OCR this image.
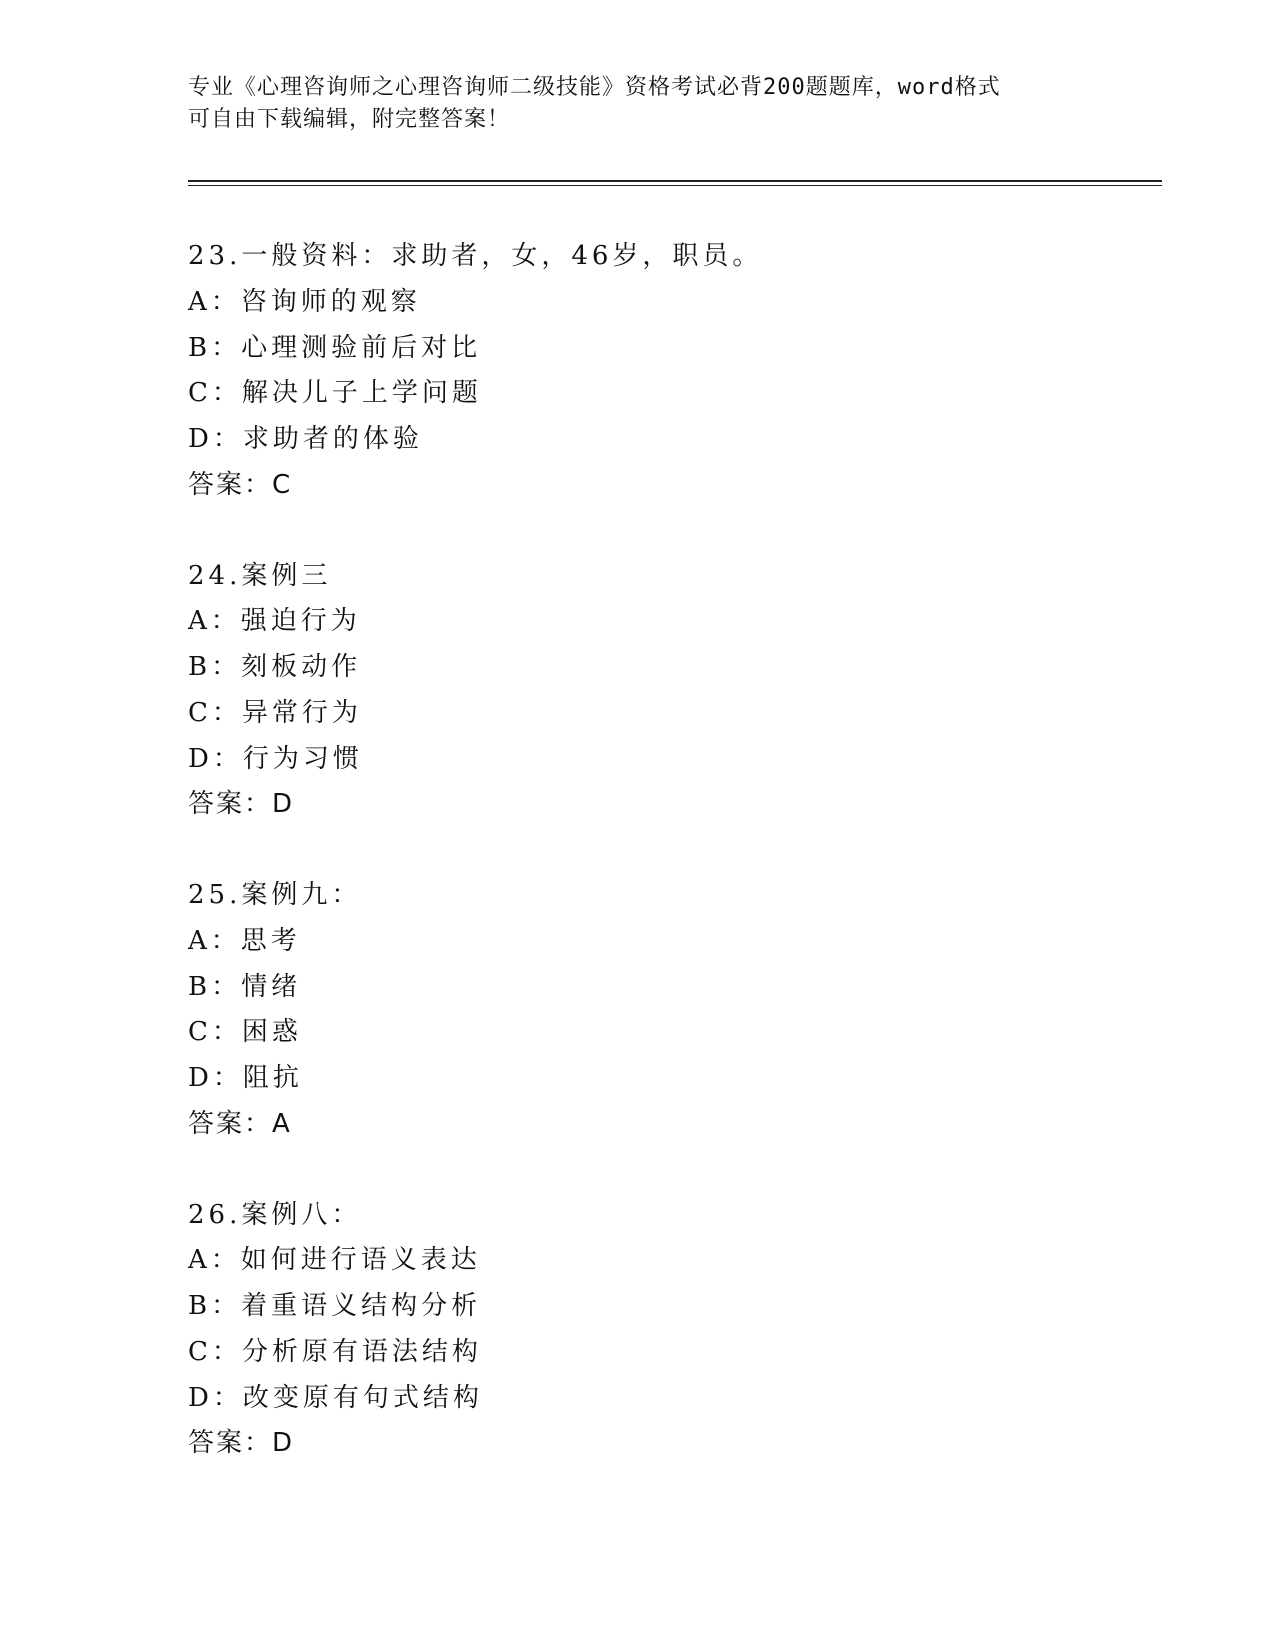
专业《心理咨询师之心理咨询师二级技能》资格考试必背200题题库，word格式
可自由下载编辑，附完整答案！
23.一般资料：求助者，女，46岁，职员。
A：咨询师的观察
B：心理测验前后对比
C：解决儿子上学问题
D：求助者的体验
答案：C
24.案例三
A：强迫行为
B：刻板动作
C：异常行为
D：行为习惯
答案：D
25.案例九：
A：思考
B：情绪
C：困惑
D：阻抗
答案：A
26.案例八：
A：如何进行语义表达
B：着重语义结构分析
C：分析原有语法结构
D：改变原有句式结构
答案：D
